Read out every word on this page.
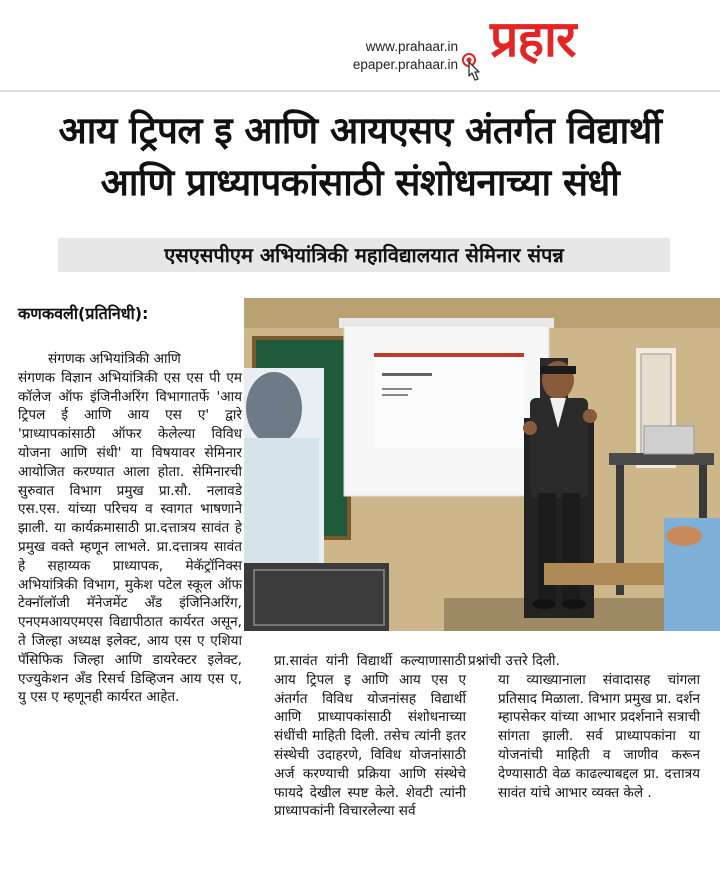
www.prahaar.in
epaper.prahaar.in प्रहार
आय ट्रिपल इ आणि आयएसए अंतर्गत विद्यार्थी
आणि प्राध्यापकांसाठी संशोधनाच्या संधी
एसएसपीएम अभियांत्रिकी महाविद्यालयात सेमिनार संपन्न
कणकवली(प्रतिनिधी):

संगणक अभियांत्रिकी आणि

संगणक विज्ञान अभियांत्रिकी एस एस पी एम कॉलेज ऑफ इंजिनीअरिंग विभागातर्फे 'आय ट्रिपल ई आणि आय एस ए' द्वारे 'प्राध्यापकांसाठी ऑफर केलेल्या विविध योजना आणि संधी' या विषयावर सेमिनार आयोजित करण्यात आला होता. सेमिनारची सुरुवात विभाग प्रमुख प्रा.सौ. नलावडे एस.एस. यांच्या परिचय व स्वागत भाषणाने झाली. या कार्यक्रमासाठी प्रा.दत्तात्रय सावंत हे प्रमुख वक्ते म्हणून लाभले. प्रा.दत्तात्रय सावंत हे सहाय्यक प्राध्यापक, मेकॅट्रॉनिक्स अभियांत्रिकी विभाग, मुकेश पटेल स्कूल ऑफ टेक्नॉलॉजी मॅनेजमेंट अँड इंजिनिअरिंग, एनएमआयएमएस विद्यापीठात कार्यरत असून, ते जिल्हा अध्यक्ष इलेक्ट, आय एस ए एशिया पॅसिफिक जिल्हा आणि डायरेक्टर इलेक्ट, एज्युकेशन अँड रिसर्च डिव्हिजन आय एस ए, यु एस ए म्हणूनही कार्यरत आहेत.

प्रा.सावंत यांनी विद्यार्थी कल्याणासाठी आय ट्रिपल इ आणि आय एस ए अंतर्गत विविध योजनांसह विद्यार्थी आणि प्राध्यापकांसाठी संशोधनाच्या संधींची माहिती दिली. तसेच त्यांनी इतर संस्थेची उदाहरणे, विविध योजनांसाठी अर्ज करण्याची प्रक्रिया आणि संस्थेचे फायदे देखील स्पष्ट केले. शेवटी त्यांनी प्राध्यापकांनी विचारलेल्या सर्व

प्रश्नांची उत्तरे दिली.

या व्याख्यानाला संवादासह चांगला प्रतिसाद मिळाला. विभाग प्रमुख प्रा. दर्शन म्हापसेकर यांच्या आभार प्रदर्शनाने सत्राची सांगता झाली. सर्व प्राध्यापकांना या योजनांची माहिती व जाणीव करून देण्यासाठी वेळ काढल्याबद्दल प्रा. दत्तात्रय सावंत यांचे आभार व्यक्त केले .
